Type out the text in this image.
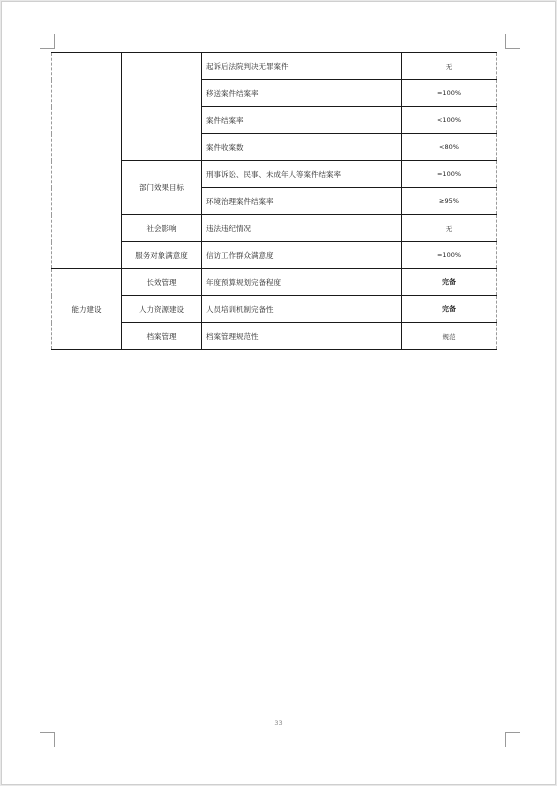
		起诉后法院判决无罪案件	无
		移送案件结案率	=100%
		案件结案率	<100%
		案件收案数	<80%
	部门效果目标	刑事诉讼、民事、未成年人等案件结案率	=100%
		环境治理案件结案率	≥95%
	社会影响	违法违纪情况	无
	服务对象满意度	信访工作群众满意度	=100%
能力建设	长效管理	年度预算规划完备程度	完备
	人力资源建设	人员培训机制完备性	完备
	档案管理	档案管理规范性	规范
33
